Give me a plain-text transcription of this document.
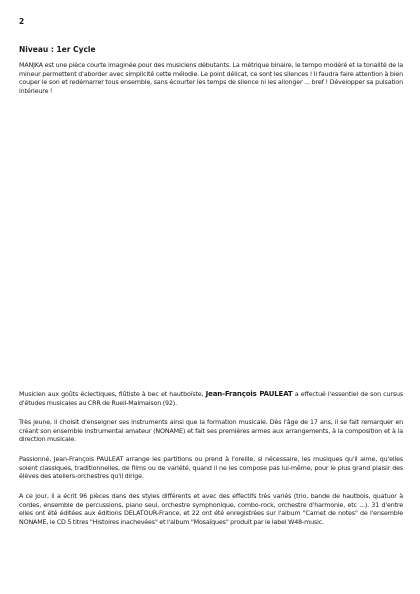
2
Niveau : 1er Cycle

MANJKA est une pièce courte imaginée pour des musiciens débutants. La métrique binaire, le tempo modéré et la tonalité de la mineur permettent d'aborder avec simplicité cette mélodie. Le point délicat, ce sont les silences ! Il faudra faire attention à bien couper le son et redémarrer tous ensemble, sans écourter les temps de silence ni les allonger ... bref ! Développer sa pulsation intérieure !

Musicien aux goûts éclectiques, flûtiste à bec et hautboïste, Jean-François PAULEAT a effectué l'essentiel de son cursus d'études musicales au CRR de Rueil-Malmaison (92).

Très jeune, il choisit d'enseigner ses instruments ainsi que la formation musicale. Dès l'âge de 17 ans, il se fait remarquer en créant son ensemble instrumental amateur (NONAME) et fait ses premières armes aux arrangements, à la composition et à la direction musicale.

Passionné, Jean-François PAULEAT arrange les partitions ou prend à l'oreille, si nécessaire, les musiques qu'il aime, qu'elles soient classiques, traditionnelles, de films ou de variété, quand il ne les compose pas lui-même, pour le plus grand plaisir des élèves des ateliers-orchestres qu'il dirige.

A ce jour, il a écrit 96 pièces dans des styles différents et avec des effectifs très variés (trio, bande de hautbois, quatuor à cordes, ensemble de percussions, piano seul, orchestre symphonique, combo-rock, orchestre d'harmonie, etc ...). 31 d'entre elles ont été éditées aux éditions DELATOUR-France, et 22 ont été enregistrées sur l'album "Carnet de notes" de l'ensemble NONAME, le CD 5 titres "Histoires inachevées" et l'album "Mosaïques" produit par le label W48-music.
